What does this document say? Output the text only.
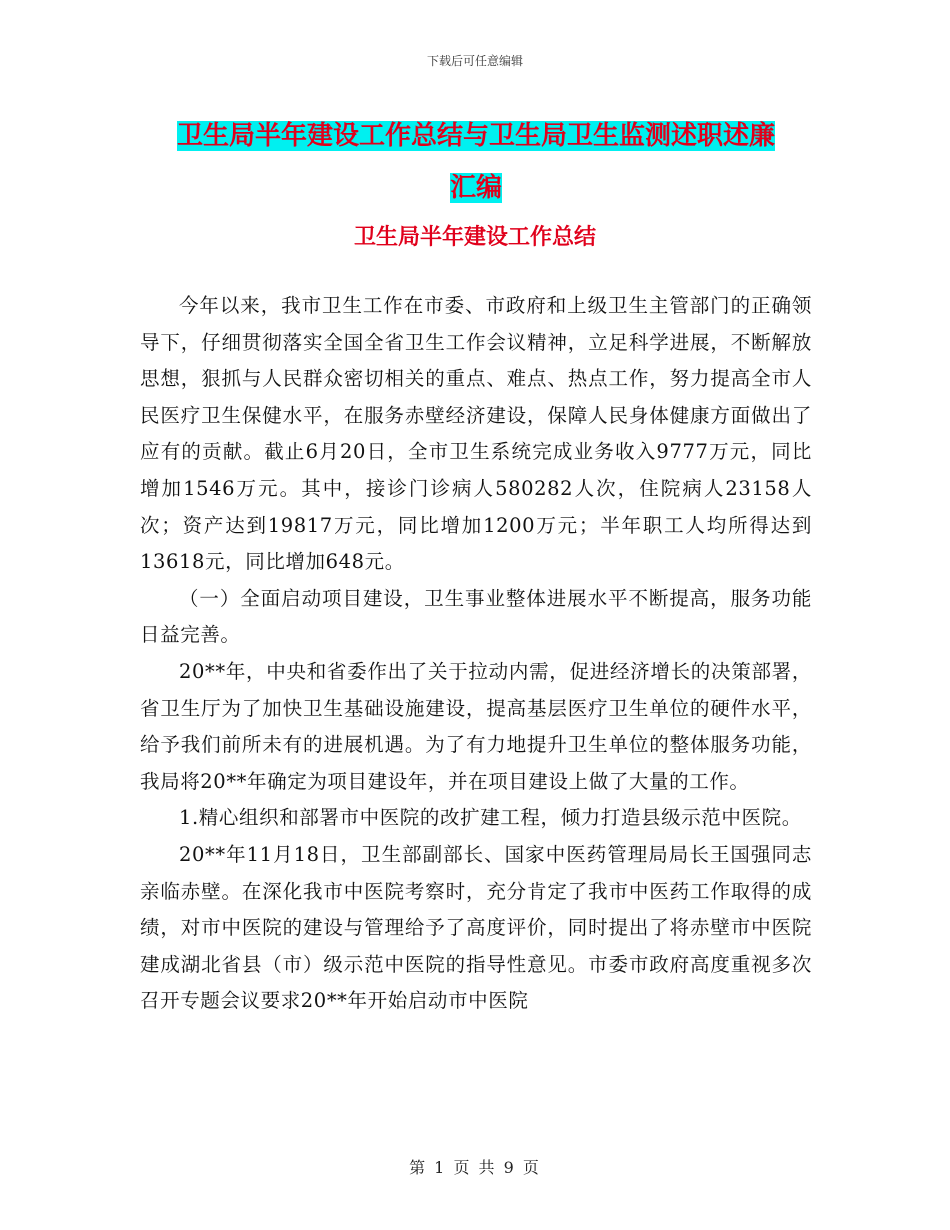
下载后可任意编辑
卫生局半年建设工作总结与卫生局卫生监测述职述廉
汇编
卫生局半年建设工作总结

今年以来，我市卫生工作在市委、市政府和上级卫生主管部门的正确领导下，仔细贯彻落实全国全省卫生工作会议精神，立足科学进展，不断解放思想，狠抓与人民群众密切相关的重点、难点、热点工作，努力提高全市人民医疗卫生保健水平，在服务赤壁经济建设，保障人民身体健康方面做出了应有的贡献。截止6月20日，全市卫生系统完成业务收入9777万元，同比增加1546万元。其中，接诊门诊病人580282人次，住院病人23158人次；资产达到19817万元，同比增加1200万元；半年职工人均所得达到13618元，同比增加648元。

（一）全面启动项目建设，卫生事业整体进展水平不断提高，服务功能日益完善。

20**年，中央和省委作出了关于拉动内需，促进经济增长的决策部署，省卫生厅为了加快卫生基础设施建设，提高基层医疗卫生单位的硬件水平，给予我们前所未有的进展机遇。为了有力地提升卫生单位的整体服务功能，我局将20**年确定为项目建设年，并在项目建设上做了大量的工作。

1.精心组织和部署市中医院的改扩建工程，倾力打造县级示范中医院。

20**年11月18日，卫生部副部长、国家中医药管理局局长王国强同志亲临赤壁。在深化我市中医院考察时，充分肯定了我市中医药工作取得的成绩，对市中医院的建设与管理给予了高度评价，同时提出了将赤壁市中医院建成湖北省县（市）级示范中医院的指导性意见。市委市政府高度重视多次召开专题会议要求20**年开始启动市中医院

第 1 页 共 9 页
